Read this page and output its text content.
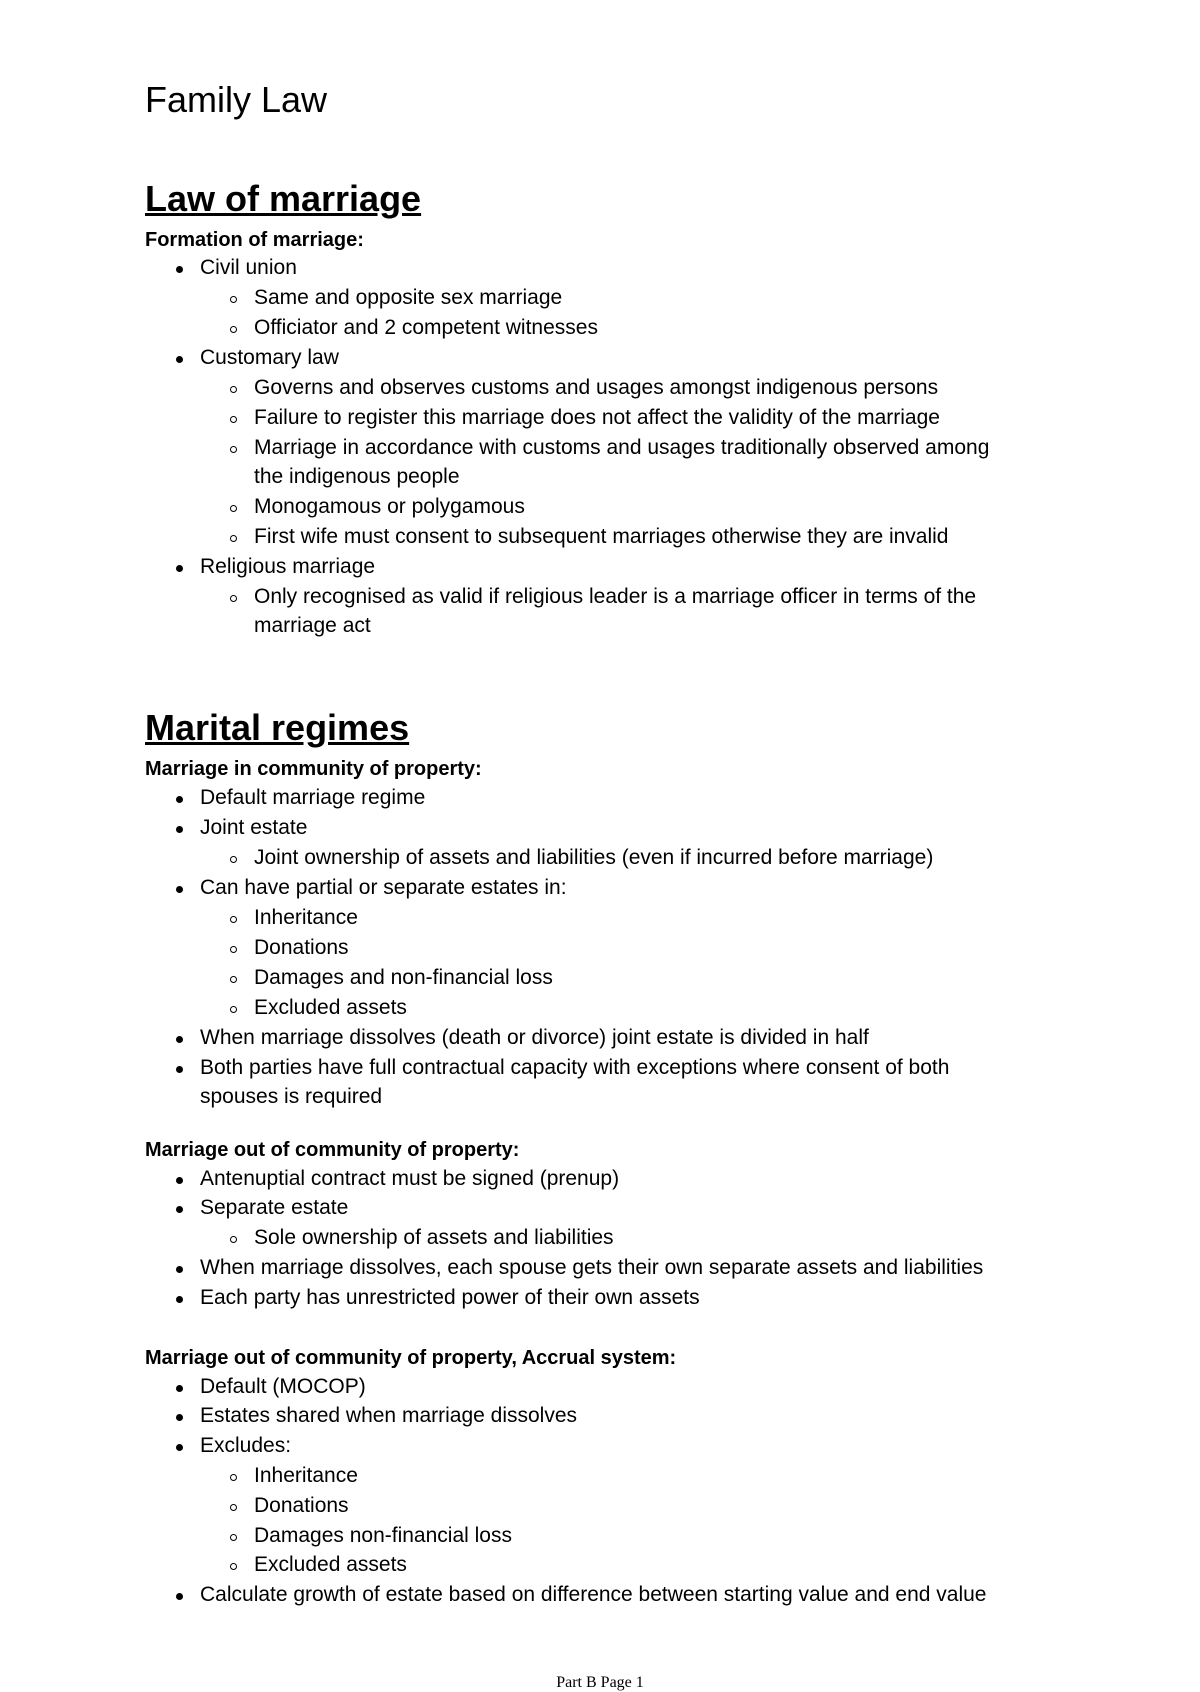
Family Law
Law of marriage
Formation of marriage:
Civil union
Same and opposite sex marriage
Officiator and 2 competent witnesses
Customary law
Governs and observes customs and usages amongst indigenous persons
Failure to register this marriage does not affect the validity of the marriage
Marriage in accordance with customs and usages traditionally observed among
the indigenous people
Monogamous or polygamous
First wife must consent to subsequent marriages otherwise they are invalid
Religious marriage
Only recognised as valid if religious leader is a marriage officer in terms of the
marriage act
Marital regimes
Marriage in community of property:
Default marriage regime
Joint estate
Joint ownership of assets and liabilities (even if incurred before marriage)
Can have partial or separate estates in:
Inheritance
Donations
Damages and non-financial loss
Excluded assets
When marriage dissolves (death or divorce) joint estate is divided in half
Both parties have full contractual capacity with exceptions where consent of both
spouses is required
Marriage out of community of property:
Antenuptial contract must be signed (prenup)
Separate estate
Sole ownership of assets and liabilities
When marriage dissolves, each spouse gets their own separate assets and liabilities
Each party has unrestricted power of their own assets
Marriage out of community of property, Accrual system:
Default (MOCOP)
Estates shared when marriage dissolves
Excludes:
Inheritance
Donations
Damages non-financial loss
Excluded assets
Calculate growth of estate based on difference between starting value and end value
Part B Page 1
